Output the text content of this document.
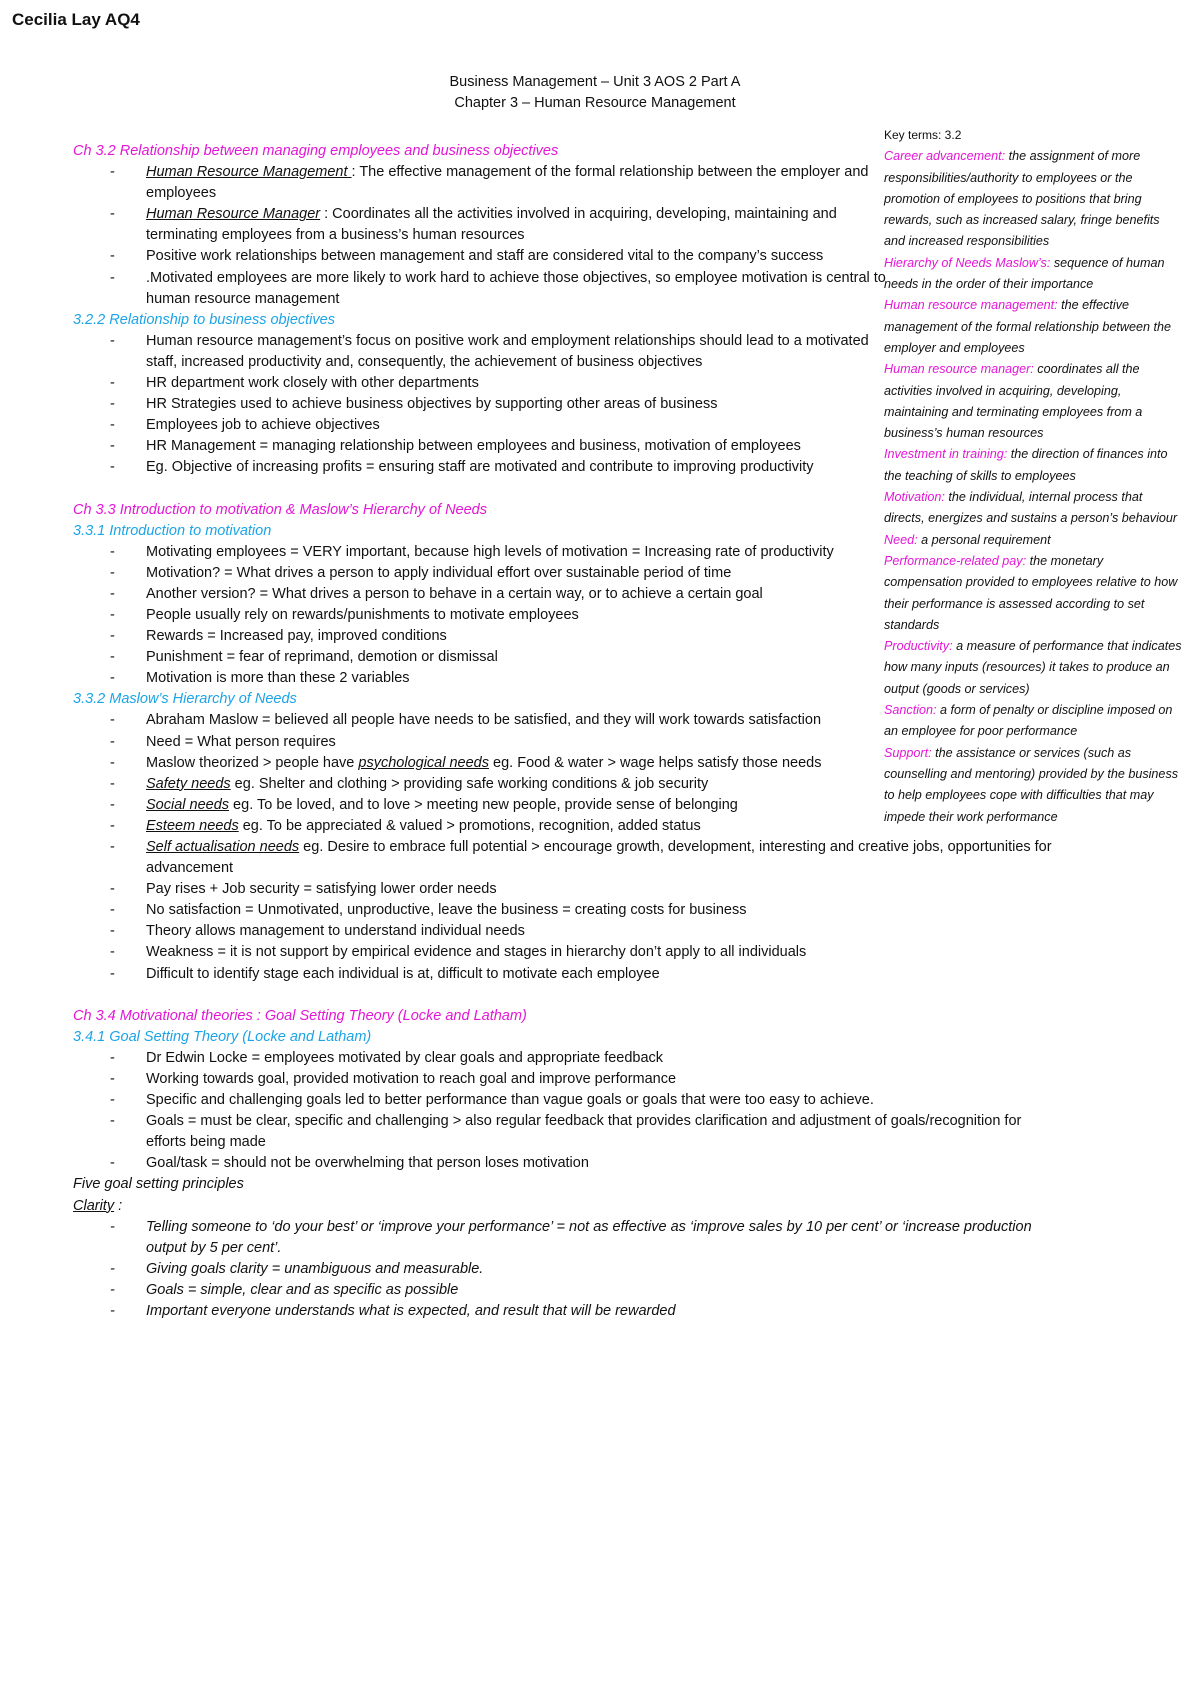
Cecilia Lay AQ4
Business Management – Unit 3 AOS 2 Part A
Chapter 3 – Human Resource Management
Key terms: 3.2
Career advancement: the assignment of more responsibilities/authority to employees or the promotion of employees to positions that bring rewards, such as increased salary, fringe benefits and increased responsibilities
Hierarchy of Needs Maslow’s: sequence of human needs in the order of their importance
Human resource management: the effective management of the formal relationship between the employer and employees
Human resource manager: coordinates all the activities involved in acquiring, developing, maintaining and terminating employees from a business’s human resources
Investment in training: the direction of finances into the teaching of skills to employees
Motivation: the individual, internal process that directs, energizes and sustains a person’s behaviour
Need: a personal requirement
Performance-related pay: the monetary compensation provided to employees relative to how their performance is assessed according to set standards
Productivity: a measure of performance that indicates how many inputs (resources) it takes to produce an output (goods or services)
Sanction: a form of penalty or discipline imposed on an employee for poor performance
Support: the assistance or services (such as counselling and mentoring) provided by the business to help employees cope with difficulties that may impede their work performance
Ch 3.2 Relationship between managing employees and business objectives
- Human Resource Management : The effective management of the formal relationship between the employer and employees
- Human Resource Manager : Coordinates all the activities involved in acquiring, developing, maintaining and terminating employees from a business’s human resources
- Positive work relationships between management and staff are considered vital to the company’s success
- .Motivated employees are more likely to work hard to achieve those objectives, so employee motivation is central to human resource management
3.2.2 Relationship to business objectives
- Human resource management’s focus on positive work and employment relationships should lead to a motivated staff, increased productivity and, consequently, the achievement of business objectives
- HR department work closely with other departments
- HR Strategies used to achieve business objectives by supporting other areas of business
- Employees job to achieve objectives
- HR Management = managing relationship between employees and business, motivation of employees
- Eg. Objective of increasing profits = ensuring staff are motivated and contribute to improving productivity
Ch 3.3 Introduction to motivation & Maslow’s Hierarchy of Needs
3.3.1 Introduction to motivation
- Motivating employees = VERY important, because high levels of motivation = Increasing rate of productivity
- Motivation? = What drives a person to apply individual effort over sustainable period of time
- Another version? = What drives a person to behave in a certain way, or to achieve a certain goal
- People usually rely on rewards/punishments to motivate employees
- Rewards = Increased pay, improved conditions
- Punishment = fear of reprimand, demotion or dismissal
- Motivation is more than these 2 variables
3.3.2 Maslow’s Hierarchy of Needs
- Abraham Maslow = believed all people have needs to be satisfied, and they will work towards satisfaction
- Need = What person requires
- Maslow theorized > people have psychological needs eg. Food & water > wage helps satisfy those needs
- Safety needs eg. Shelter and clothing > providing safe working conditions & job security
- Social needs eg. To be loved, and to love > meeting new people, provide sense of belonging
- Esteem needs eg. To be appreciated & valued > promotions, recognition, added status
- Self actualisation needs eg. Desire to embrace full potential > encourage growth, development, interesting and creative jobs, opportunities for advancement
- Pay rises + Job security = satisfying lower order needs
- No satisfaction = Unmotivated, unproductive, leave the business = creating costs for business
- Theory allows management to understand individual needs
- Weakness = it is not support by empirical evidence and stages in hierarchy don’t apply to all individuals
- Difficult to identify stage each individual is at, difficult to motivate each employee
Ch 3.4 Motivational theories : Goal Setting Theory (Locke and Latham)
3.4.1 Goal Setting Theory (Locke and Latham)
- Dr Edwin Locke = employees motivated by clear goals and appropriate feedback
- Working towards goal, provided motivation to reach goal and improve performance
- Specific and challenging goals led to better performance than vague goals or goals that were too easy to achieve.
- Goals = must be clear, specific and challenging > also regular feedback that provides clarification and adjustment of goals/recognition for efforts being made
- Goal/task = should not be overwhelming that person loses motivation
Five goal setting principles
Clarity :
- Telling someone to ‘do your best’ or ‘improve your performance’ = not as effective as ‘improve sales by 10 per cent’ or ‘increase production output by 5 per cent’.
- Giving goals clarity = unambiguous and measurable.
- Goals = simple, clear and as specific as possible
- Important everyone understands what is expected, and result that will be rewarded
